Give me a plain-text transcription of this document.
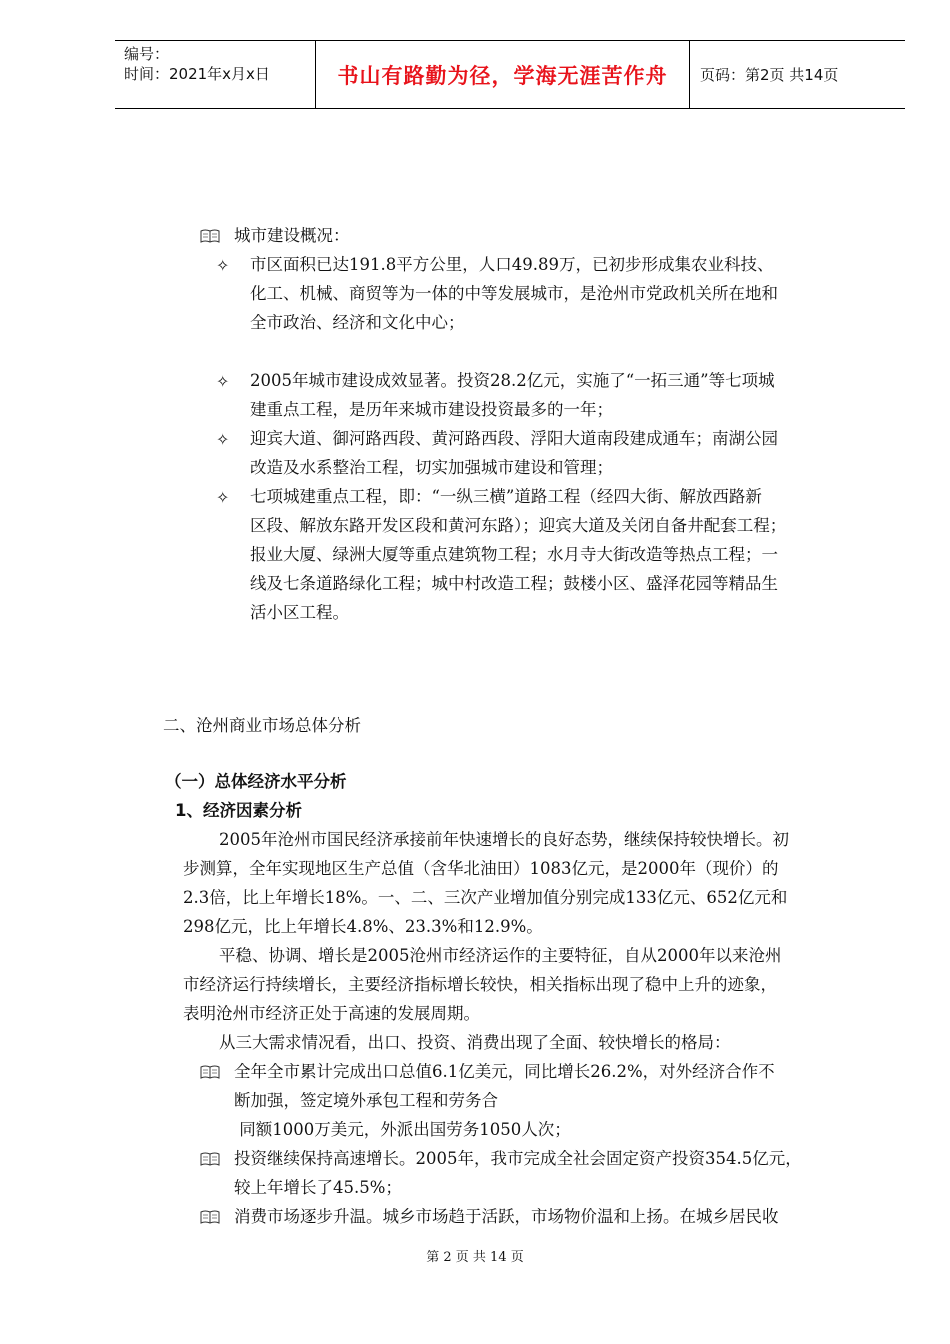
编号：
时间：2021年x月x日	书山有路勤为径，学海无涯苦作舟 页码：第2页 共14页
城市建设概况：
✧ 市区面积已达191.8平方公里，人口49.89万，已初步形成集农业科技、
化工、机械、商贸等为一体的中等发展城市，是沧州市党政机关所在地和
全市政治、经济和文化中心；
✧ 2005年城市建设成效显著。投资28.2亿元，实施了“一拓三通”等七项城
建重点工程，是历年来城市建设投资最多的一年；
✧ 迎宾大道、御河路西段、黄河路西段、浮阳大道南段建成通车；南湖公园
改造及水系整治工程，切实加强城市建设和管理；
✧ 七项城建重点工程，即：“一纵三横”道路工程（经四大街、解放西路新
区段、解放东路开发区段和黄河东路）；迎宾大道及关闭自备井配套工程；
报业大厦、绿洲大厦等重点建筑物工程；水月寺大街改造等热点工程；一
线及七条道路绿化工程；城中村改造工程；鼓楼小区、盛泽花园等精品生
活小区工程。
二、沧州商业市场总体分析
（一）总体经济水平分析
1、经济因素分析
2005年沧州市国民经济承接前年快速增长的良好态势，继续保持较快增长。初
步测算，全年实现地区生产总值（含华北油田）1083亿元，是2000年（现价）的
2.3倍，比上年增长18%。一、二、三次产业增加值分别完成133亿元、652亿元和
298亿元，比上年增长4.8%、23.3%和12.9%。
平稳、协调、增长是2005沧州市经济运作的主要特征，自从2000年以来沧州
市经济运行持续增长，主要经济指标增长较快，相关指标出现了稳中上升的迹象，
表明沧州市经济正处于高速的发展周期。
从三大需求情况看，出口、投资、消费出现了全面、较快增长的格局：
全年全市累计完成出口总值6.1亿美元，同比增长26.2%，对外经济合作不
断加强，签定境外承包工程和劳务合
同额1000万美元，外派出国劳务1050人次；
投资继续保持高速增长。2005年，我市完成全社会固定资产投资354.5亿元，
较上年增长了45.5%；
消费市场逐步升温。城乡市场趋于活跃，市场物价温和上扬。在城乡居民收
第 2 页 共 14 页
